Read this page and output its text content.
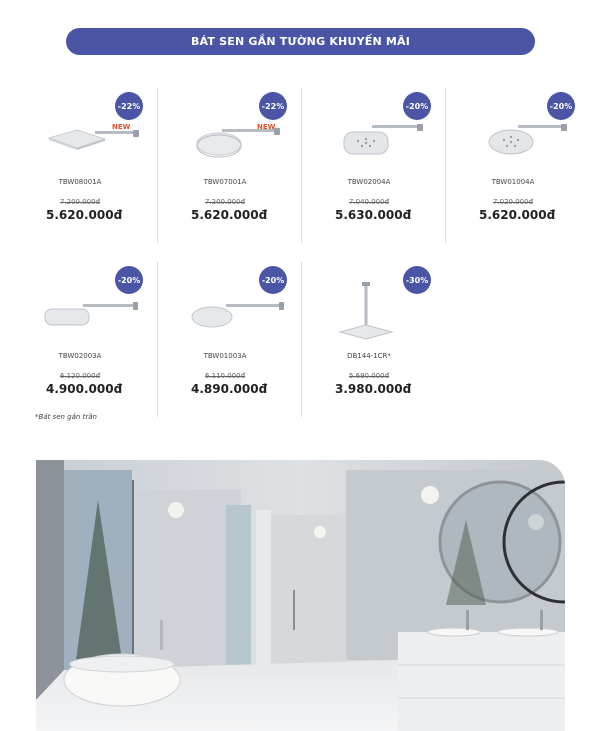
BÁT SEN GẮN TƯỜNG KHUYẾN MÃI
-22%
NEW
TBW08001A
7.200.000đ
5.620.000đ
-22%
NEW
TBW07001A
7.200.000đ
5.620.000đ
-20%
TBW02004A
7.040.000đ
5.630.000đ
-20%
TBW01004A
7.020.000đ
5.620.000đ
-20%
TBW02003A
6.120.000đ
4.900.000đ
-20%
TBW01003A
6.110.000đ
4.890.000đ
-30%
DB144-1CR*
5.690.000đ
3.980.000đ
*Bát sen gắn trần
